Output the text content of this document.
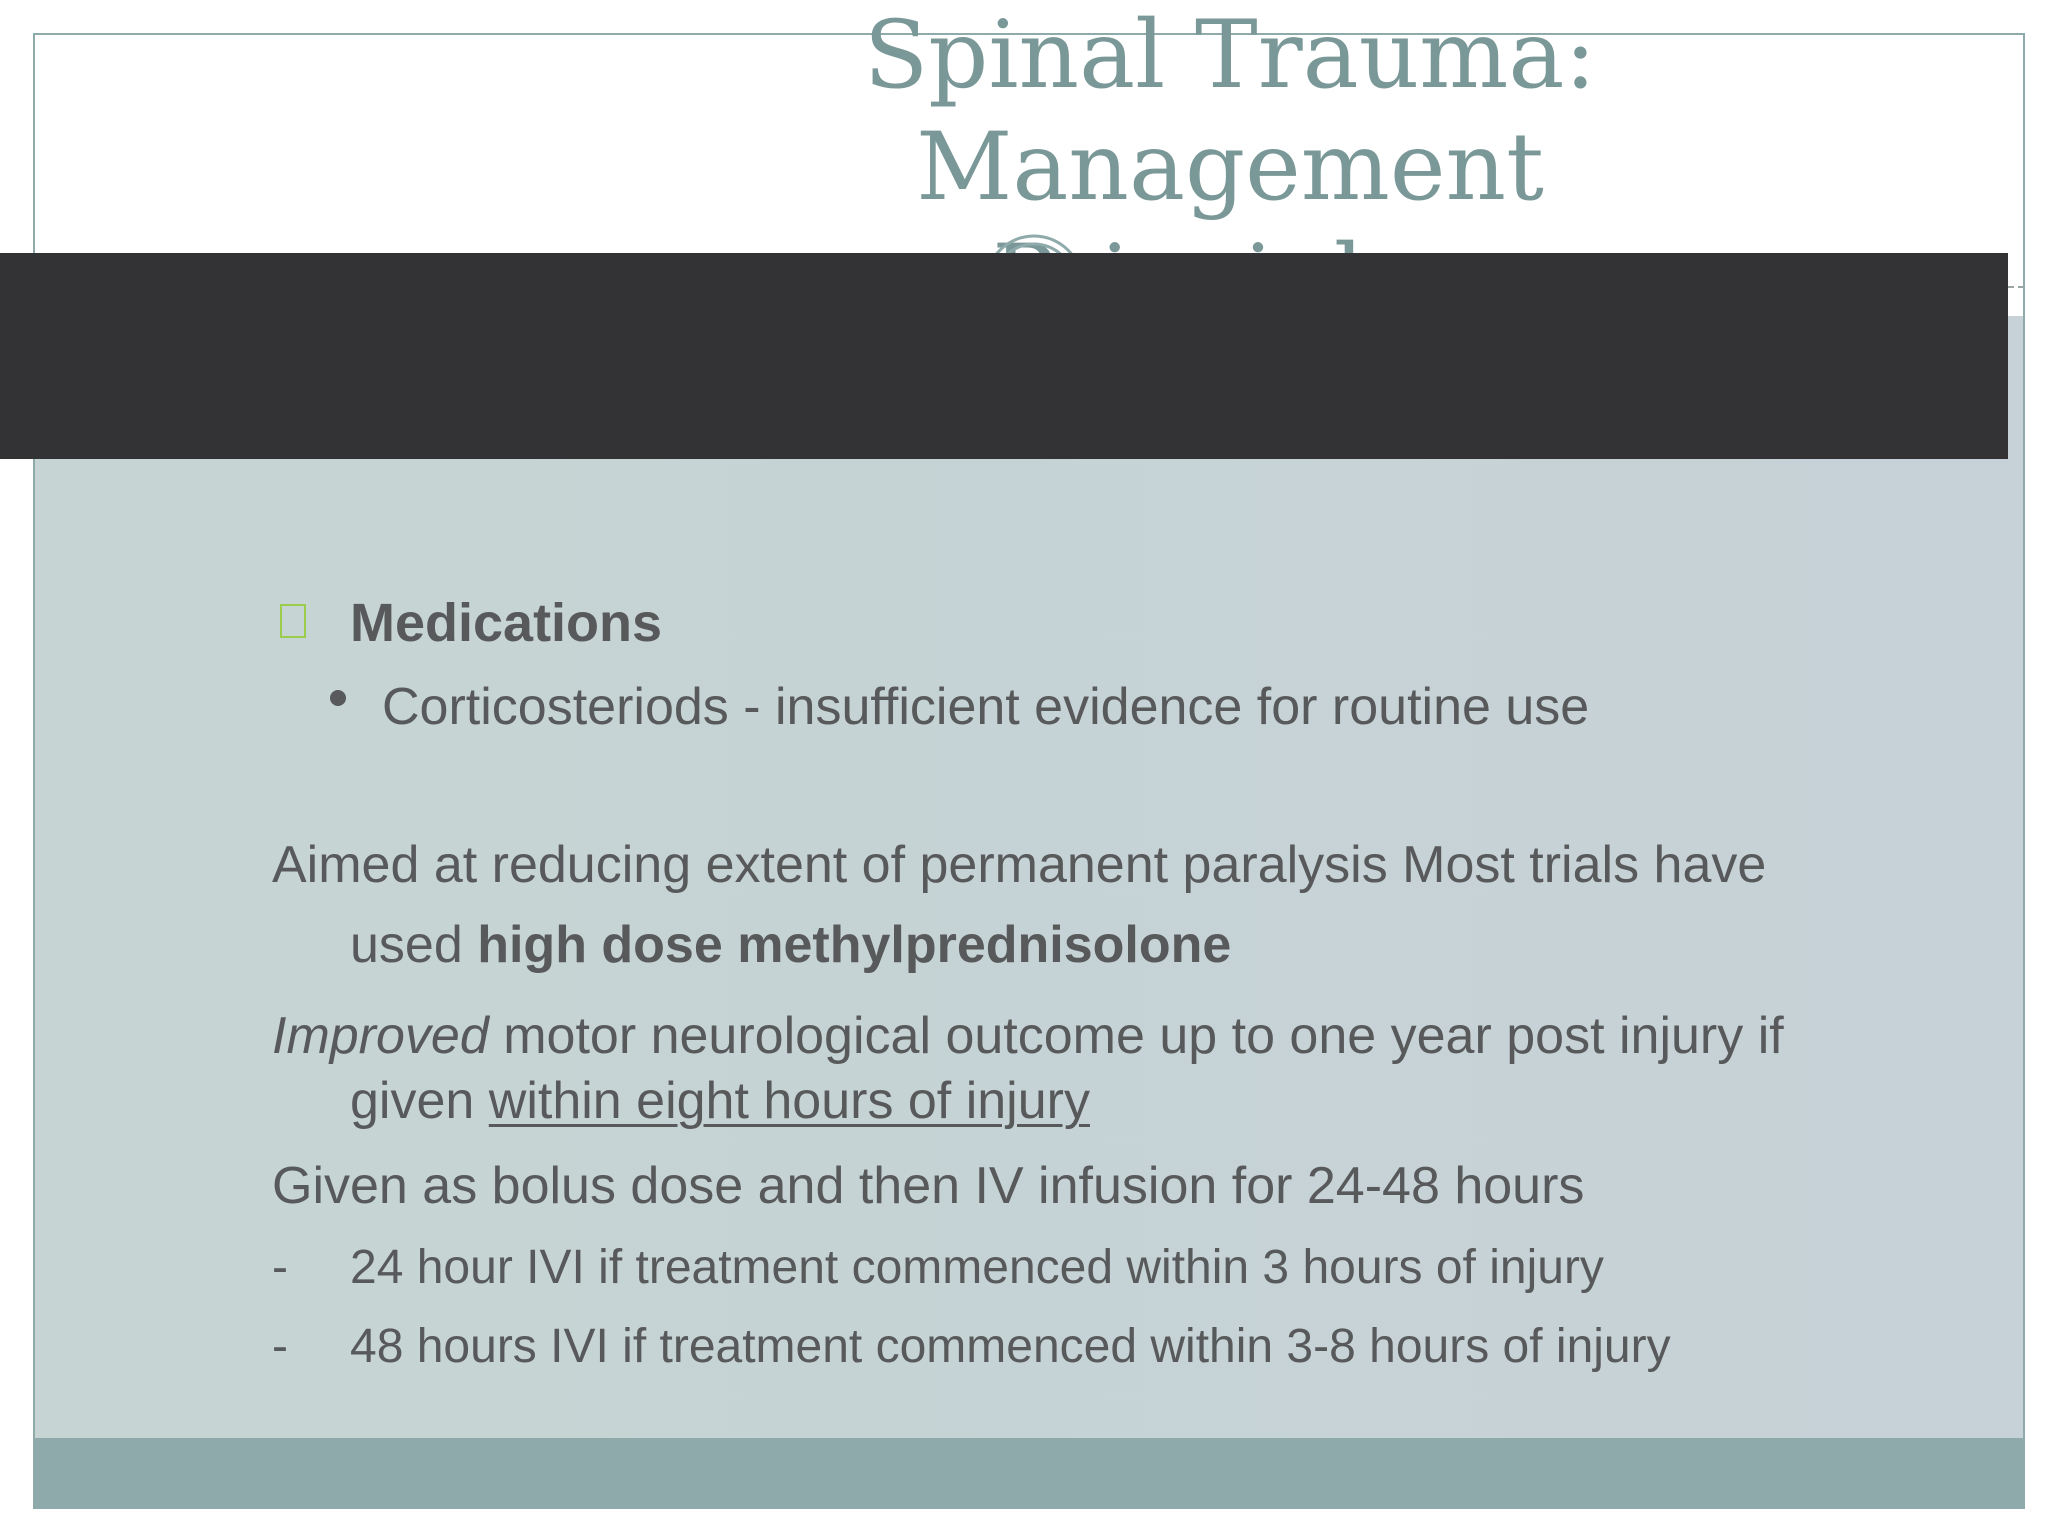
Spinal Trauma: Management
Medications
Corticosteriods - insufficient evidence for routine use
Aimed at reducing extent of permanent paralysis Most trials have
used high dose methylprednisolone
Improved motor neurological outcome up to one year post injury if
given within eight hours of injury
Given as bolus dose and then IV infusion for 24-48 hours
- 24 hour IVI if treatment commenced within 3 hours of injury
- 48 hours IVI if treatment commenced within 3-8 hours of injury
